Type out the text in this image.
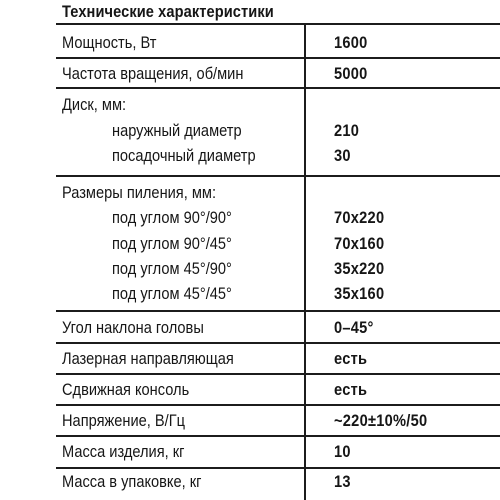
Технические характеристики
Мощность, Вт	1600
Частота вращения, об/мин	5000
Диск, мм:
наружный диаметр	210
посадочный диаметр	30
Размеры пиления, мм:
под углом 90°/90°	70x220
под углом 90°/45°	70x160
под углом 45°/90°	35x220
под углом 45°/45°	35x160
Угол наклона головы	0–45°
Лазерная направляющая	есть
Сдвижная консоль	есть
Напряжение, В/Гц	~220±10%/50
Масса изделия, кг	10
Масса в упаковке, кг	13
